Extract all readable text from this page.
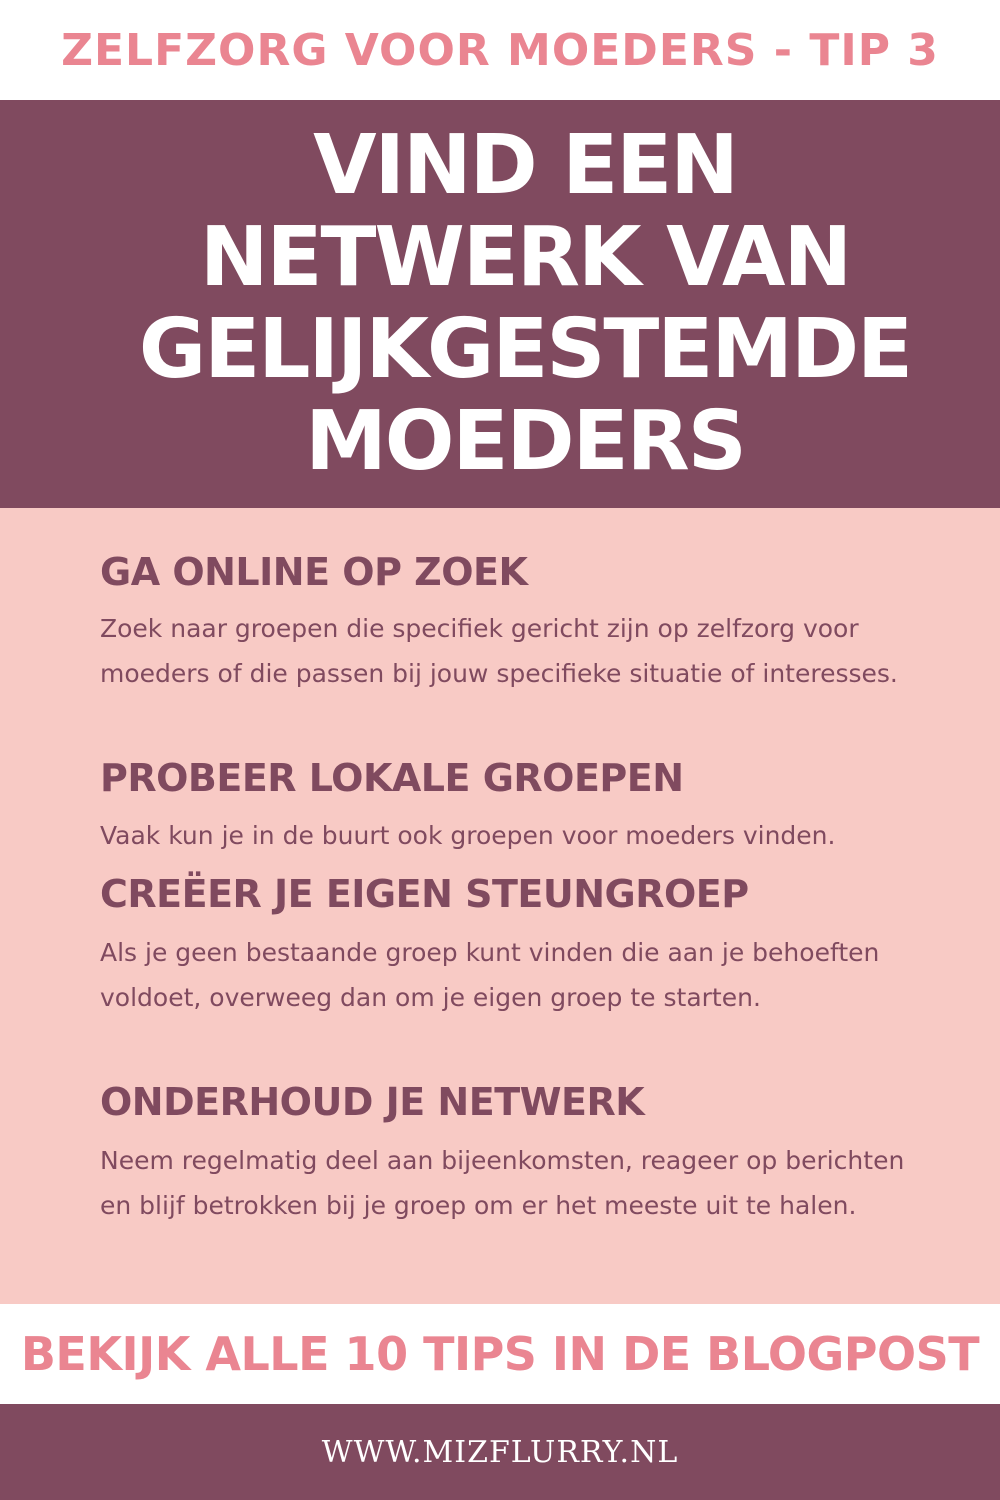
ZELFZORG VOOR MOEDERS - TIP 3
VIND EEN
NETWERK VAN
GELIJKGESTEMDE
MOEDERS
GA ONLINE OP ZOEK
Zoek naar groepen die specifiek gericht zijn op zelfzorg voor moeders of die passen bij jouw specifieke situatie of interesses.
PROBEER LOKALE GROEPEN
Vaak kun je in de buurt ook groepen voor moeders vinden.
CREËER JE EIGEN STEUNGROEP
Als je geen bestaande groep kunt vinden die aan je behoeften voldoet, overweeg dan om je eigen groep te starten.
ONDERHOUD JE NETWERK
Neem regelmatig deel aan bijeenkomsten, reageer op berichten en blijf betrokken bij je groep om er het meeste uit te halen.
BEKIJK ALLE 10 TIPS IN DE BLOGPOST
WWW.MIZFLURRY.NL
